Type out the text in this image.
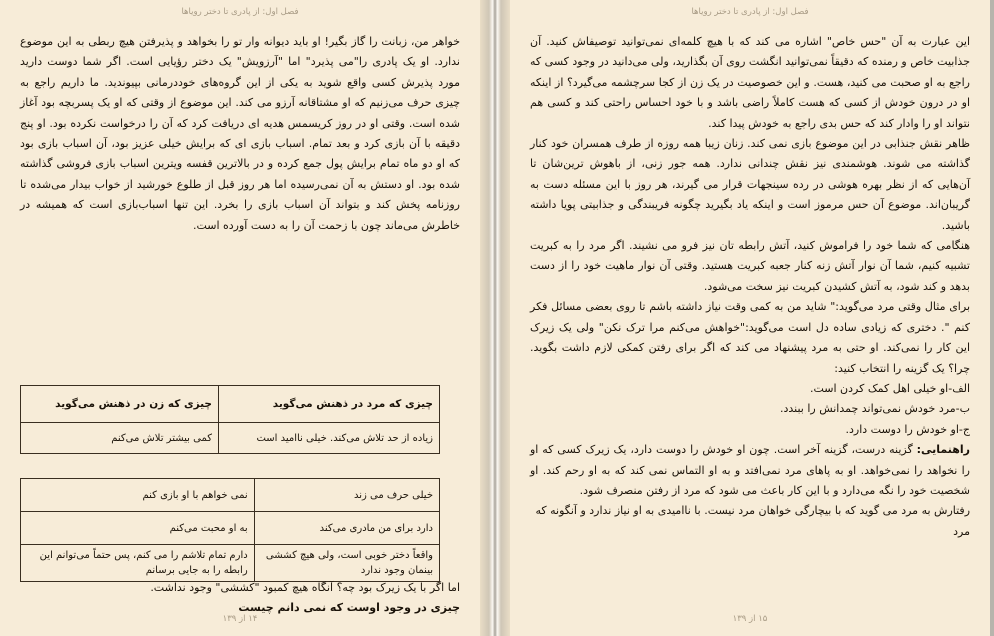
فصل اول: از پادری تا دختر رویاها

خواهر من، زبانت را گاز بگیر! او باید دیوانه وار تو را بخواهد و پذیرفتن هیچ ربطی به این موضوع ندارد. او یک پادری را"می پذیرد" اما "آرزویش" یک دختر رؤیایی است. اگر شما دوست دارید مورد پذیرش کسی واقع شوید به یکی از این گروه‌های خوددرمانی بپیوندید. ما داریم راجع به چیزی حرف می‌زنیم که او مشتاقانه آرزو می کند. این موضوع از وقتی که او یک پسربچه بود آغاز شده است. وقتی او در روز کریسمس هدیه ای دریافت کرد که آن را درخواست نکرده بود. او پنج دقیقه با آن بازی کرد و بعد تمام. اسباب بازی ای که برایش خیلی عزیز بود، آن اسباب بازی بود که او دو ماه تمام برایش پول جمع کرده و در بالاترین قفسه ویترین اسباب بازی فروشی گذاشته شده بود. او دستش به آن نمی‌رسیده اما هر روز قبل از طلوع خورشید از خواب بیدار می‌شده تا روزنامه پخش کند و بتواند آن اسباب بازی را بخرد. این تنها اسباب‌بازی است که همیشه در خاطرش می‌ماند چون با زحمت آن را به دست آورده است.

چیزی که مرد در ذهنش می‌گوید	چیزی که زن در ذهنش می‌گوید
زیاده از حد تلاش می‌کند. خیلی ناامید است	کمی بیشتر تلاش می‌کنم
خیلی حرف می زند	نمی خواهم با او بازی کنم
دارد برای من مادری می‌کند	به او محبت می‌کنم
واقعاً دختر خوبی است، ولی هیچ کششی بینمان وجود ندارد	دارم تمام تلاشم را می کنم، پس حتماً می‌توانم این رابطه را به جایی برسانم

اما اگر با یک زیرک بود چه؟ آنگاه هیچ کمبود "کششی" وجود نداشت.

چیزی در وجود اوست که نمی دانم چیست

۱۴ از ۱۳۹
فصل اول: از پادری تا دختر رویاها

این عبارت به آن "حس خاص" اشاره می کند که با هیچ کلمه‌ای نمی‌توانید توصیفاش کنید. آن جذابیت خاص و رمنده که دقیقاً نمی‌توانید انگشت روی آن بگذارید، ولی می‌دانید در وجود کسی که راجع به او صحبت می کنید، هست. و این خصوصیت در یک زن از کجا سرچشمه می‌گیرد؟ از اینکه او در درون خودش از کسی که هست کاملاً راضی باشد و با خود احساس راحتی کند و کسی هم نتواند او را وادار کند که حس بدی راجع به خودش پیدا کند.

ظاهر نقش جنذابی در این موضوع بازی نمی کند. زنان زیبا همه روزه از طرف همسران خود کنار گذاشته می شوند. هوشمندی نیز نقش چندانی ندارد. همه جور زنی، از باهوش ترین‌شان تا آن‌هایی که از نظر بهره هوشی در رده سینجهات قرار می گیرند، هر روز با این مسئله دست به گریبان‌اند. موضوع آن حس مرموز است و اینکه یاد بگیرید چگونه فریبندگی و جذابیتی پویا داشته باشید.

هنگامی که شما خود را فراموش کنید، آتش رابطه تان نیز فرو می نشیند. اگر مرد را به کبریت تشبیه کنیم، شما آن نوار آتش زنه کنار جعبه کبریت هستید. وقتی آن نوار ماهیت خود را از دست بدهد و کند شود، به آتش کشیدن کبریت نیز سخت می‌شود.

برای مثال وقتی مرد می‌گوید:" شاید من به کمی وقت نیاز داشته باشم تا روی بعضی مسائل فکر کنم ". دختری که زیادی ساده دل است می‌گوید:"خواهش می‌کنم مرا ترک نکن" ولی یک زیرک این کار را نمی‌کند. او حتی به مرد پیشنهاد می کند که اگر برای رفتن کمکی لازم داشت بگوید. چرا؟ یک گزینه را انتخاب کنید:

الف-او خیلی اهل کمک کردن است.

ب-مرد خودش نمی‌تواند چمدانش را ببندد.

ج-او خودش را دوست دارد.

راهنمایی: گزینه درست، گزینه آخر است. چون او خودش را دوست دارد، یک زیرک کسی که او را نخواهد را نمی‌خواهد. او به پاهای مرد نمی‌افتد و به او التماس نمی کند که به او رحم کند. او شخصیت خود را نگه می‌دارد و با این کار باعث می شود که مرد از رفتن منصرف شود.

رفتارش به مرد می گوید که با بیچارگی خواهان مرد نیست. با ناامیدی به او نیاز ندارد و آنگونه که مرد

۱۵ از ۱۳۹
